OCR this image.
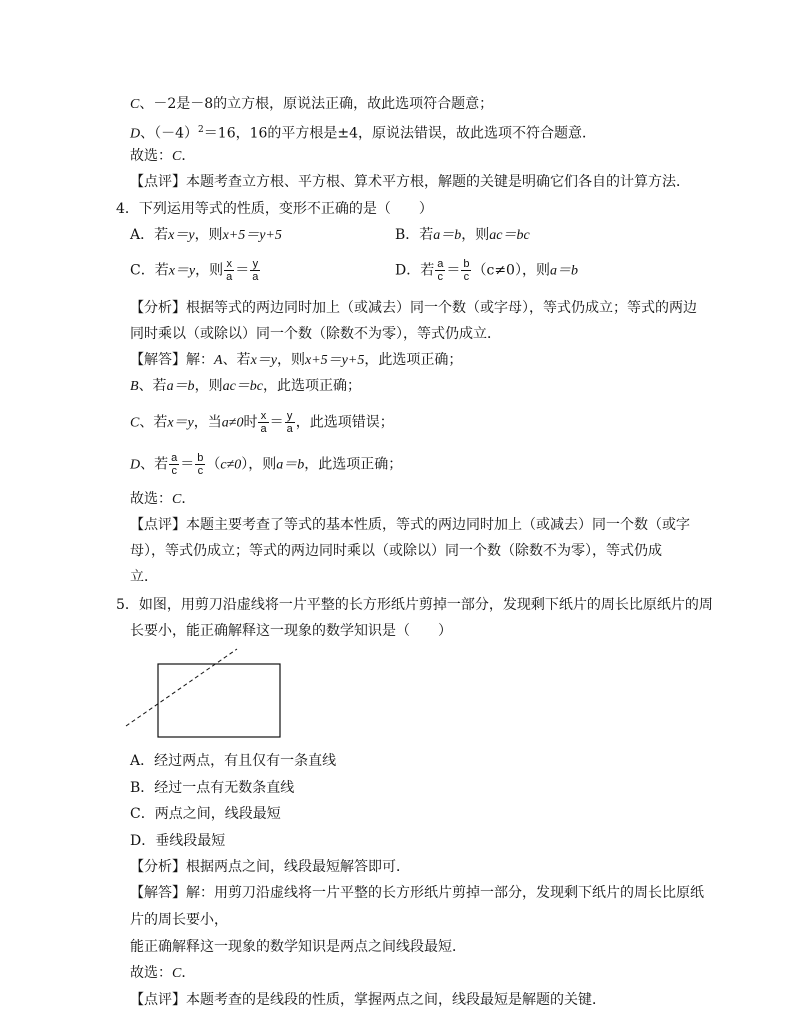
C、－2是－8的立方根，原说法正确，故此选项符合题意；
D、$(-4)^2=16$，16的平方根是±4，原说法错误，故此选项不符合题意．
故选：C．
【点评】本题考查立方根、平方根、算术平方根，解题的关键是明确它们各自的计算方法．
4．下列运用等式的性质，变形不正确的是（　　）
A．若x＝y，则x+5＝y+5	B．若a＝b，则ac＝bc
C．若x＝y，则 $\frac{x}{a} = \frac{y}{a}$	D．若 $\frac{a}{c} = \frac{b}{c} (c\ne 0)$，则a＝b
【分析】根据等式的两边同时加上（或减去）同一个数（或字母），等式仍成立；等式的两边
同时乘以（或除以）同一个数（除数不为零），等式仍成立．
【解答】解：A、若x＝y，则x+5＝y+5，此选项正确；
B、若a＝b，则ac＝bc，此选项正确；
C、若x＝y，当a≠0时 $\frac{x}{a} = \frac{y}{a}$ ，此选项错误；
D、若 $\frac{a}{c} = \frac{b}{c} (c\ne 0)$，则a＝b，此选项正确；
故选：C．
【点评】本题主要考查了等式的基本性质，等式的两边同时加上（或减去）同一个数（或字
母），等式仍成立；等式的两边同时乘以（或除以）同一个数（除数不为零），等式仍成
立．
5．如图，用剪刀沿虚线将一片平整的长方形纸片剪掉一部分，发现剩下纸片的周长比原纸片的周
长要小，能正确解释这一现象的数学知识是（　　）
A．经过两点，有且仅有一条直线
B．经过一点有无数条直线
C．两点之间，线段最短
D．垂线段最短
【分析】根据两点之间，线段最短解答即可．
【解答】解：用剪刀沿虚线将一片平整的长方形纸片剪掉一部分，发现剩下纸片的周长比原纸
片的周长要小，
能正确解释这一现象的数学知识是两点之间线段最短．
故选：C．
【点评】本题考查的是线段的性质，掌握两点之间，线段最短是解题的关键．
